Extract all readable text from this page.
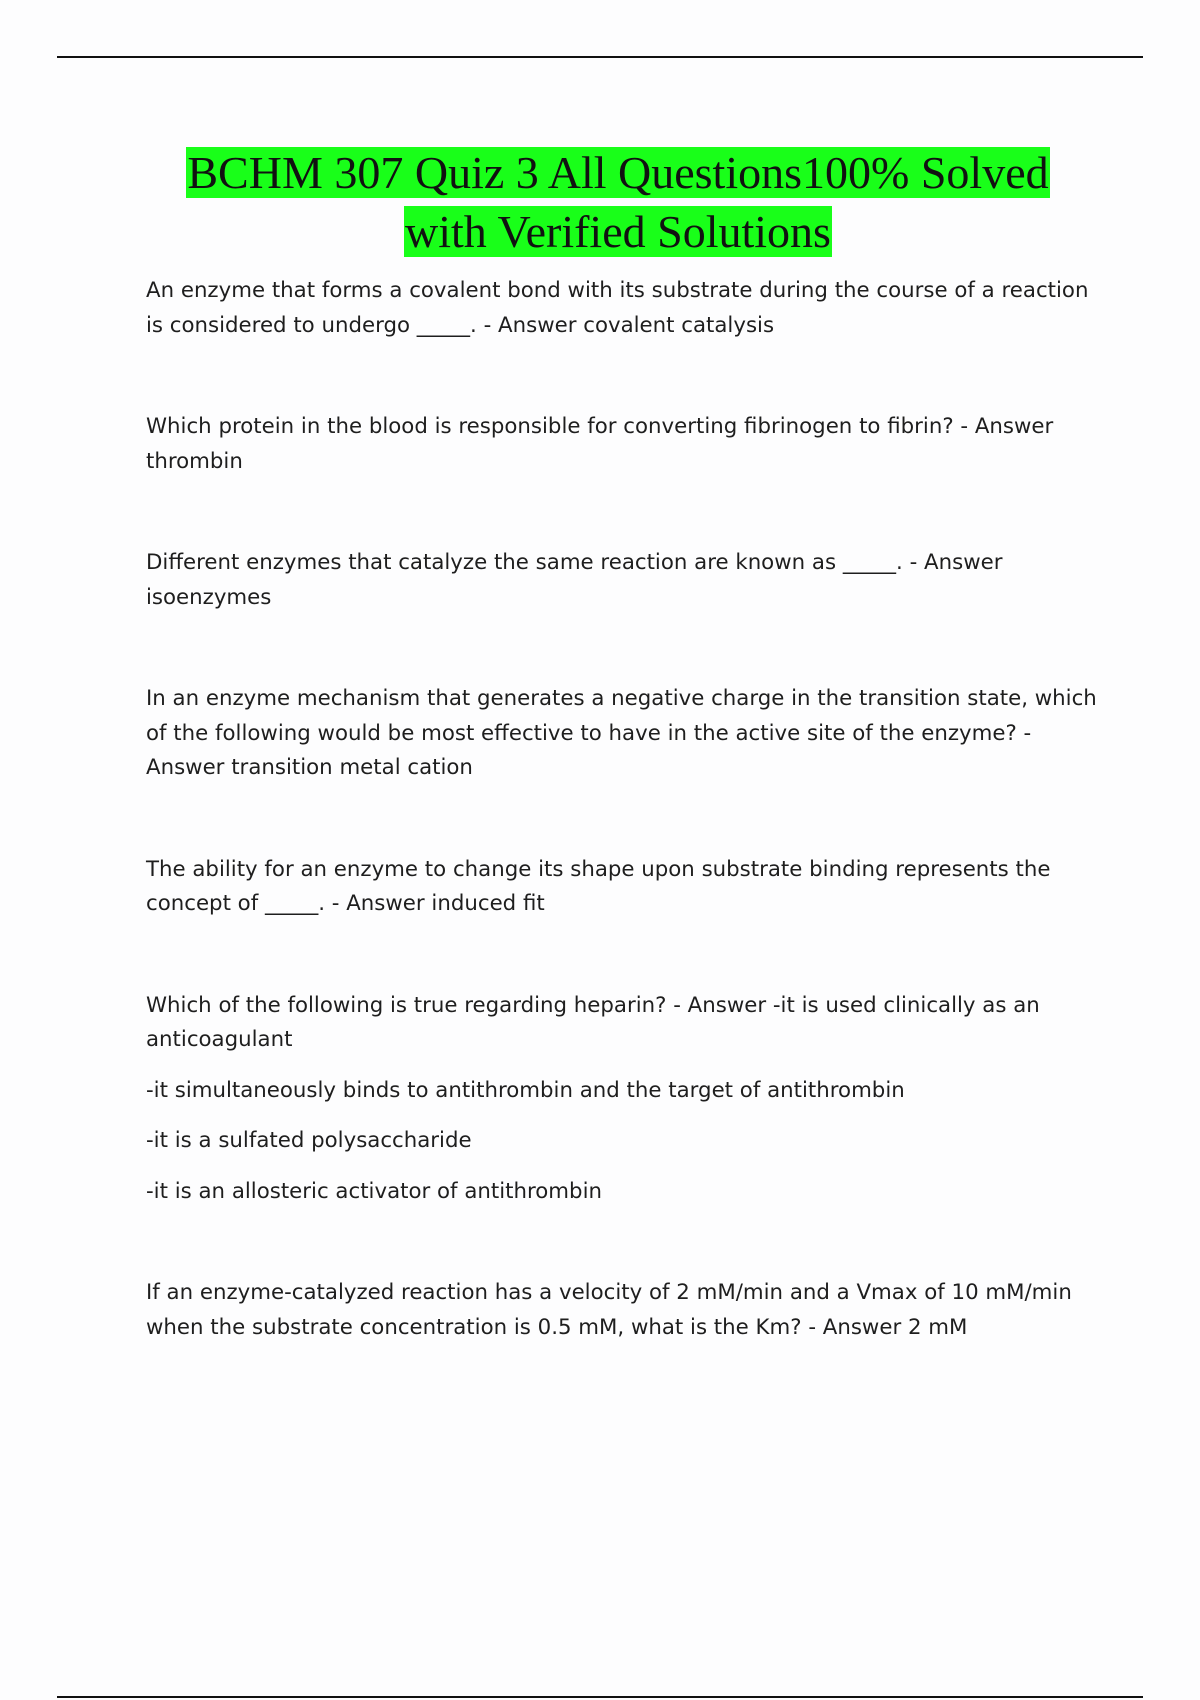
BCHM 307 Quiz 3 All Questions100% Solved
with Verified Solutions
An enzyme that forms a covalent bond with its substrate during the course of a reaction
is considered to undergo _____. - Answer covalent catalysis
Which protein in the blood is responsible for converting fibrinogen to fibrin? - Answer
thrombin
Different enzymes that catalyze the same reaction are known as _____. - Answer
isoenzymes
In an enzyme mechanism that generates a negative charge in the transition state, which
of the following would be most effective to have in the active site of the enzyme? -
Answer transition metal cation
The ability for an enzyme to change its shape upon substrate binding represents the
concept of _____. - Answer induced fit
Which of the following is true regarding heparin? - Answer -it is used clinically as an
anticoagulant
-it simultaneously binds to antithrombin and the target of antithrombin
-it is a sulfated polysaccharide
-it is an allosteric activator of antithrombin
If an enzyme-catalyzed reaction has a velocity of 2 mM/min and a Vmax of 10 mM/min
when the substrate concentration is 0.5 mM, what is the Km? - Answer 2 mM
